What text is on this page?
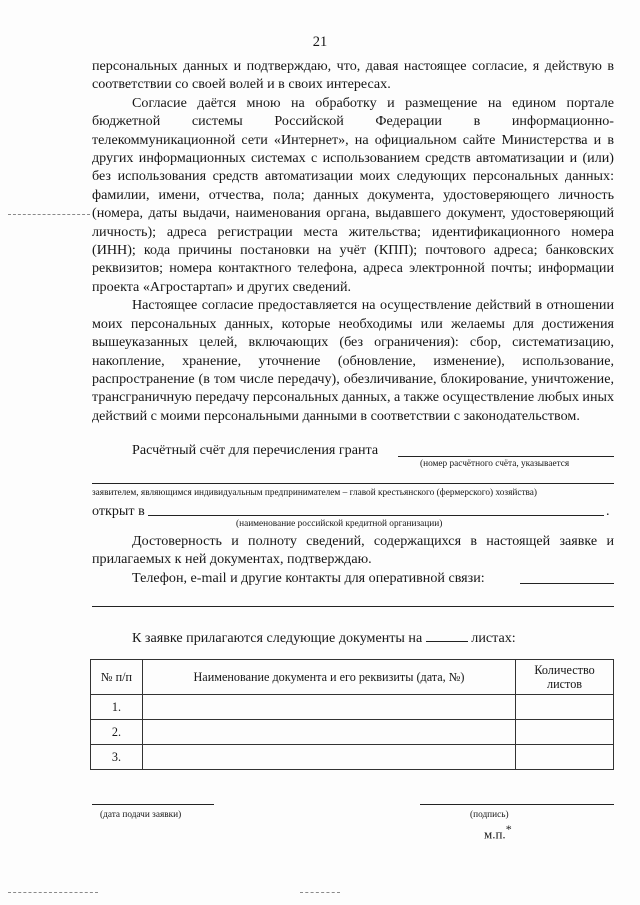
21

персональных данных и подтверждаю, что, давая настоящее согласие, я действую в соответствии со своей волей и в своих интересах.

Согласие даётся мною на обработку и размещение на едином портале бюджетной системы Российской Федерации в информационно-телекоммуникационной сети «Интернет», на официальном сайте Министерства и в других информационных системах с использованием средств автоматизации и (или) без использования средств автоматизации моих следующих персональных данных: фамилии, имени, отчества, пола; данных документа, удостоверяющего личность (номера, даты выдачи, наименования органа, выдавшего документ, удостоверяющий личность); адреса регистрации места жительства; идентификационного номера (ИНН); кода причины постановки на учёт (КПП); почтового адреса; банковских реквизитов; номера контактного телефона, адреса электронной почты; информации проекта «Агростартап» и других сведений.

Настоящее согласие предоставляется на осуществление действий в отношении моих персональных данных, которые необходимы или желаемы для достижения вышеуказанных целей, включающих (без ограничения): сбор, систематизацию, накопление, хранение, уточнение (обновление, изменение), использование, распространение (в том числе передачу), обезличивание, блокирование, уничтожение, трансграничную передачу персональных данных, а также осуществление любых иных действий с моими персональными данными в соответствии с законодательством.

Расчётный счёт для перечисления гранта
(номер расчётного счёта, указывается
заявителем, являющимся индивидуальным предпринимателем – главой крестьянского (фермерского) хозяйства)
открыт в	.
(наименование российской кредитной организации)

Достоверность и полноту сведений, содержащихся в настоящей заявке и прилагаемых к ней документах, подтверждаю.

Телефон, e-mail и другие контакты для оперативной связи:
К заявке прилагаются следующие документы на	листах:
№ п/п	Наименование документа и его реквизиты (дата, №)	Количество листов
1.		
2.		
3.		
(дата подачи заявки)	(подпись)
м.п.*
